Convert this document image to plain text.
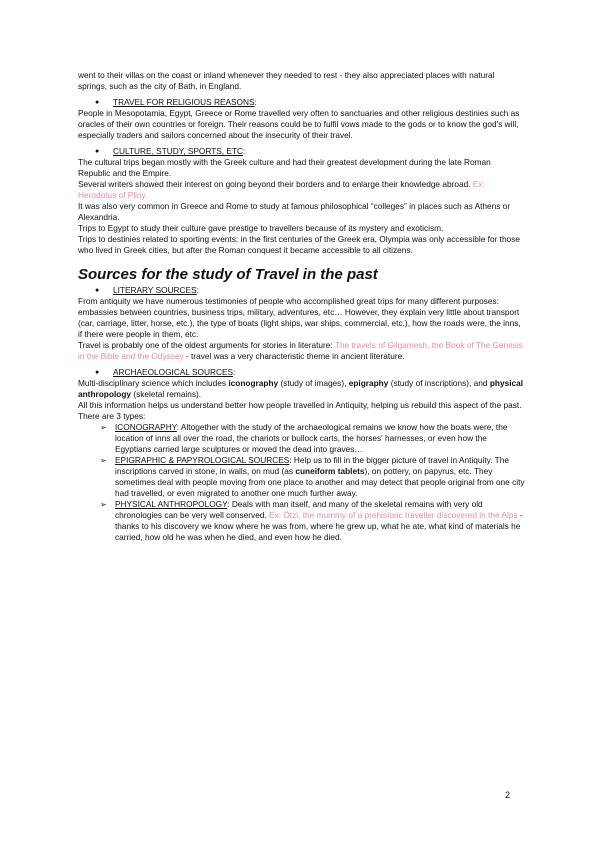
went to their villas on the coast or inland whenever they needed to rest - they also appreciated places with natural springs, such as the city of Bath, in England.

● TRAVEL FOR RELIGIOUS REASONS:

People in Mesopotamia, Egypt, Greece or Rome travelled very often to sanctuaries and other religious destinies such as oracles of their own countries or foreign. Their reasons could be to fulfil vows made to the gods or to know the god's will, especially traders and sailors concerned about the insecurity of their travel.

● CULTURE, STUDY, SPORTS, ETC:

The cultural trips began mostly with the Greek culture and had their greatest development during the late Roman Republic and the Empire.

Several writers showed their interest on going beyond their borders and to enlarge their knowledge abroad. Ex: Herodotus of Pliny.

It was also very common in Greece and Rome to study at famous philosophical “colleges” in places such as Athens or Alexandria.

Trips to Egypt to study their culture gave prestige to travellers because of its mystery and exoticism.

Trips to destinies related to sporting events: in the first centuries of the Greek era, Olympia was only accessible for those who lived in Greek cities, but after the Roman conquest it became accessible to all citizens.

Sources for the study of Travel in the past
● LITERARY SOURCES:

From antiquity we have numerous testimonies of people who accomplished great trips for many different purposes: embassies between countries, business trips, military, adventures, etc… However, they explain very little about transport (car, carriage, litter, horse, etc.), the type of boats (light ships, war ships, commercial, etc.), how the roads were, the inns, if there were people in them, etc.

Travel is probably one of the oldest arguments for stories in literature: The travels of Gilgamesh, the Book of The Genesis in the Bible and the Odyssey - travel was a very characteristic theme in ancient literature.

● ARCHAEOLOGICAL SOURCES:

Multi-disciplinary science which includes iconography (study of images), epigraphy (study of inscriptions), and physical anthropology (skeletal remains).

All this information helps us understand better how people travelled in Antiquity, helping us rebuild this aspect of the past.

There are 3 types:

➢ ICONOGRAPHY: Altogether with the study of the archaeological remains we know how the boats were, the location of inns all over the road, the chariots or bullock carts, the horses' harnesses, or even how the Egyptians carried large sculptures or moved the dead into graves…
➢ EPIGRAPHIC & PAPYROLOGICAL SOURCES: Help us to fill in the bigger picture of travel in Antiquity. The inscriptions carved in stone, in walls, on mud (as cuneiform tablets), on pottery, on papyrus, etc. They sometimes deal with people moving from one place to another and may detect that people original from one city had travelled, or even migrated to another one much further away.
➢ PHYSICAL ANTHROPOLOGY: Deals with man itself, and many of the skeletal remains with very old chronologies can be very well conserved. Ex: Ötzi, the mummy of a prehistoric traveller discovered in the Alps - thanks to his discovery we know where he was from, where he grew up, what he ate, what kind of materials he carried, how old he was when he died, and even how he died.
2
